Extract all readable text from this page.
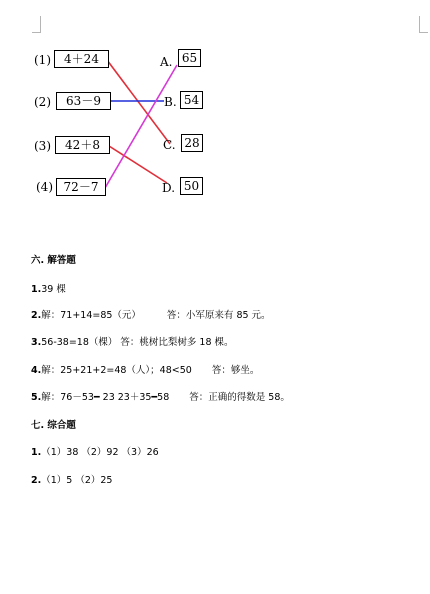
(1)	4＋24
(2)	63－9
(3)	42＋8
(4) 72－7
A. 65
B. 54
C. 28
D. 50
六. 解答题
1.39 棵
2.解：71+14=85（元）	答：小军原来有 85 元。
3.56-38=18（棵） 答：桃树比梨树多 18 棵。
4.解：25+21+2=48（人）；48<50 答：够坐。
5.解：76－53━ 23 23＋35━58 答：正确的得数是 58。
七. 综合题
1.（1）38 （2）92 （3）26
2.（1）5 （2）25
